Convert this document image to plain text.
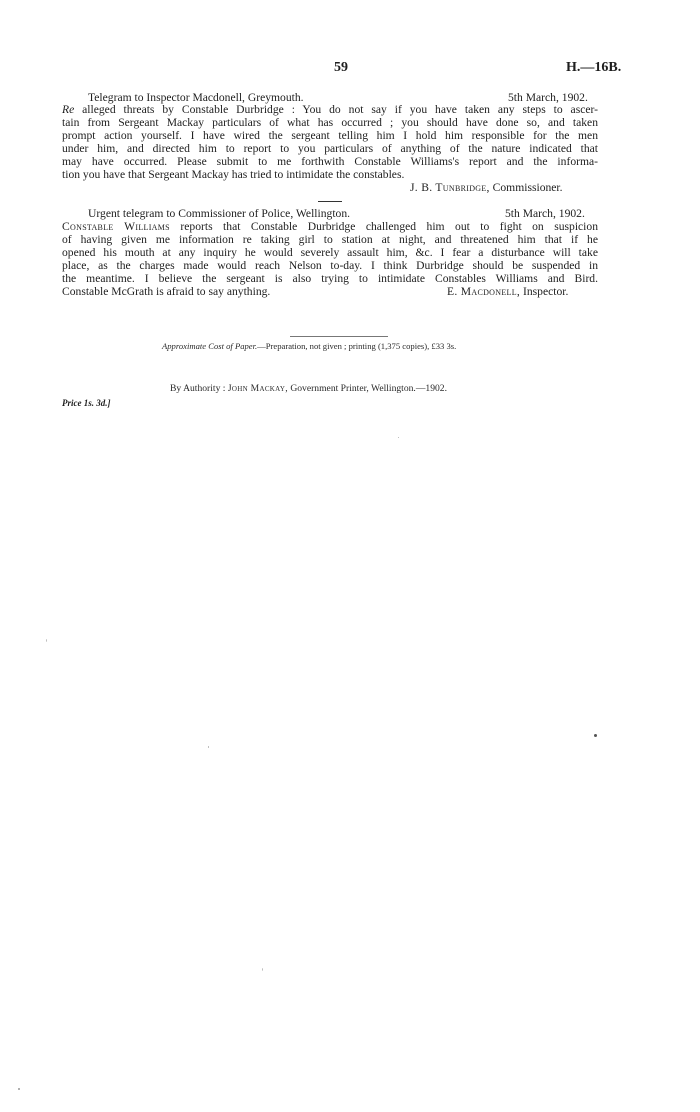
59	H.—16B.
Telegram to Inspector Macdonell, Greymouth.	5th March, 1902.
Re alleged threats by Constable Durbridge : You do not say if you have taken any steps to ascer-
tain from Sergeant Mackay particulars of what has occurred ; you should have done so, and taken
prompt action yourself. I have wired the sergeant telling him I hold him responsible for the men
under him, and directed him to report to you particulars of anything of the nature indicated that
may have occurred. Please submit to me forthwith Constable Williams's report and the informa-
tion you have that Sergeant Mackay has tried to intimidate the constables.
J. B. Tunbridge, Commissioner.
Urgent telegram to Commissioner of Police, Wellington.	5th March, 1902.
Constable Williams reports that Constable Durbridge challenged him out to fight on suspicion
of having given me information re taking girl to station at night, and threatened him that if he
opened his mouth at any inquiry he would severely assault him, &c. I fear a disturbance will take
place, as the charges made would reach Nelson to-day. I think Durbridge should be suspended in
the meantime. I believe the sergeant is also trying to intimidate Constables Williams and Bird.
Constable McGrath is afraid to say anything.	E. Macdonell, Inspector.
Approximate Cost of Paper.—Preparation, not given ; printing (1,375 copies), £33 3s.
By Authority : John Mackay, Government Printer, Wellington.—1902.
Price 1s. 3d.]
